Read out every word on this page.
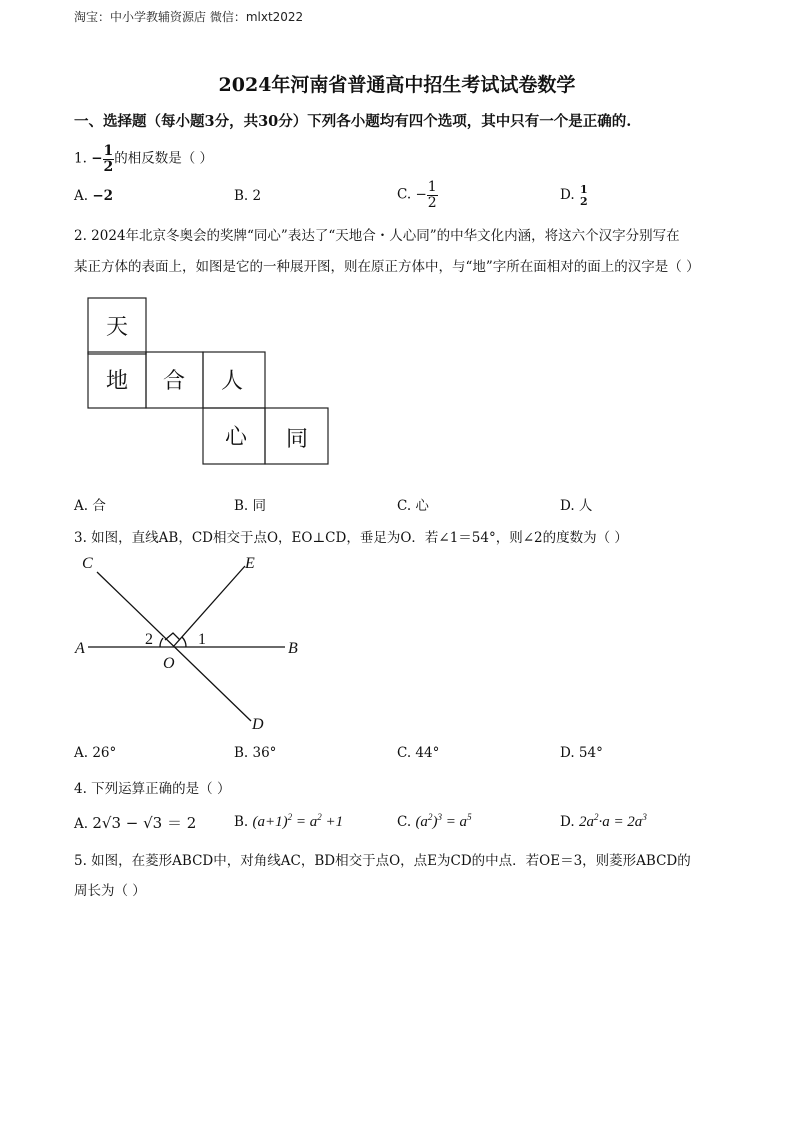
淘宝：中小学教辅资源店 微信：mlxt2022
2024年河南省普通高中招生考试试卷数学
一、选择题（每小题3分，共30分）下列各小题均有四个选项，其中只有一个是正确的.
1. − $\frac{1}{2}$ 的相反数是（ ）
A. −2	B. 2	C. − $\frac{1}{2}$	D. 1
2
2. 2024年北京冬奥会的奖牌“同心”表达了“天地合・人心同”的中华文化内涵，将这六个汉字分别写在
某正方体的表面上，如图是它的一种展开图，则在原正方体中，与“地”字所在面相对的面上的汉字是（ ）
天
地 合 人
心 同
A. 合	B. 同	C. 心	D. 人
3. 如图，直线AB，CD相交于点O，EO⊥CD，垂足为O．若∠1＝54°，则∠2的度数为（ ）
C	E
A	B
O
D
1
2
A. 26°	B. 36°	C. 44°	D. 54°
4. 下列运算正确的是（ ）
A. 2√3 − √3 ＝ 2	B. $(a+1)^2 = a^2 +1$	C. $(a^2)^3 = a^5$	D. $2a^2\cdot a = 2a^3$
5. 如图，在菱形ABCD中，对角线AC，BD相交于点O，点E为CD的中点．若OE＝3，则菱形ABCD的
周长为（ ）
